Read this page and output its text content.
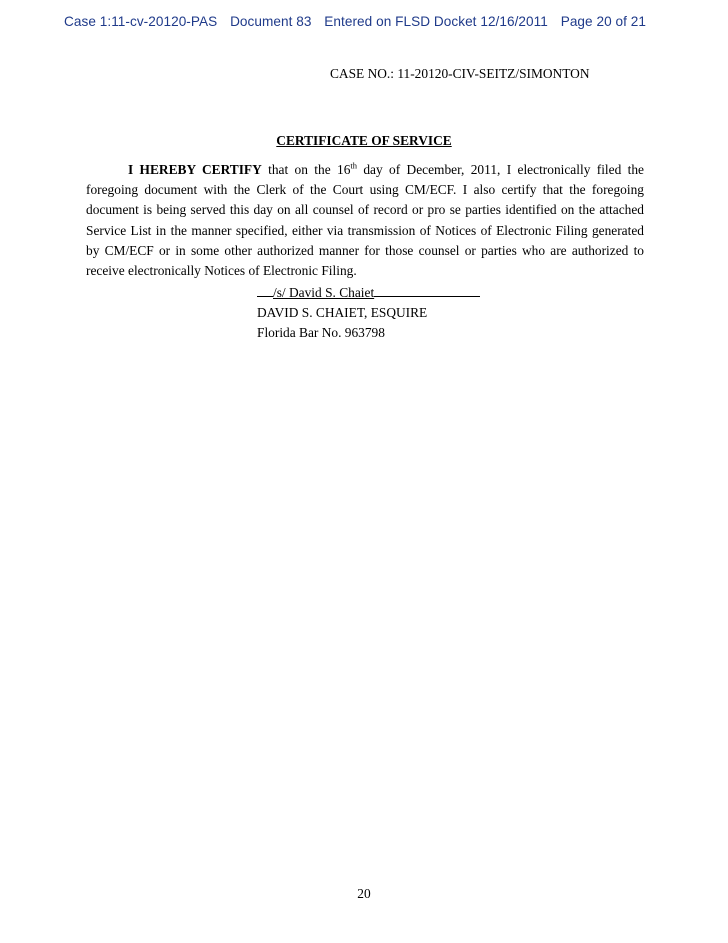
Case 1:11-cv-20120-PAS Document 83 Entered on FLSD Docket 12/16/2011 Page 20 of 21
CASE NO.: 11-20120-CIV-SEITZ/SIMONTON
CERTIFICATE OF SERVICE
I HEREBY CERTIFY that on the 16th day of December, 2011, I electronically filed the foregoing document with the Clerk of the Court using CM/ECF. I also certify that the foregoing document is being served this day on all counsel of record or pro se parties identified on the attached Service List in the manner specified, either via transmission of Notices of Electronic Filing generated by CM/ECF or in some other authorized manner for those counsel or parties who are authorized to receive electronically Notices of Electronic Filing.
/s/ David S. Chaiet
DAVID S. CHAIET, ESQUIRE
Florida Bar No. 963798
20
